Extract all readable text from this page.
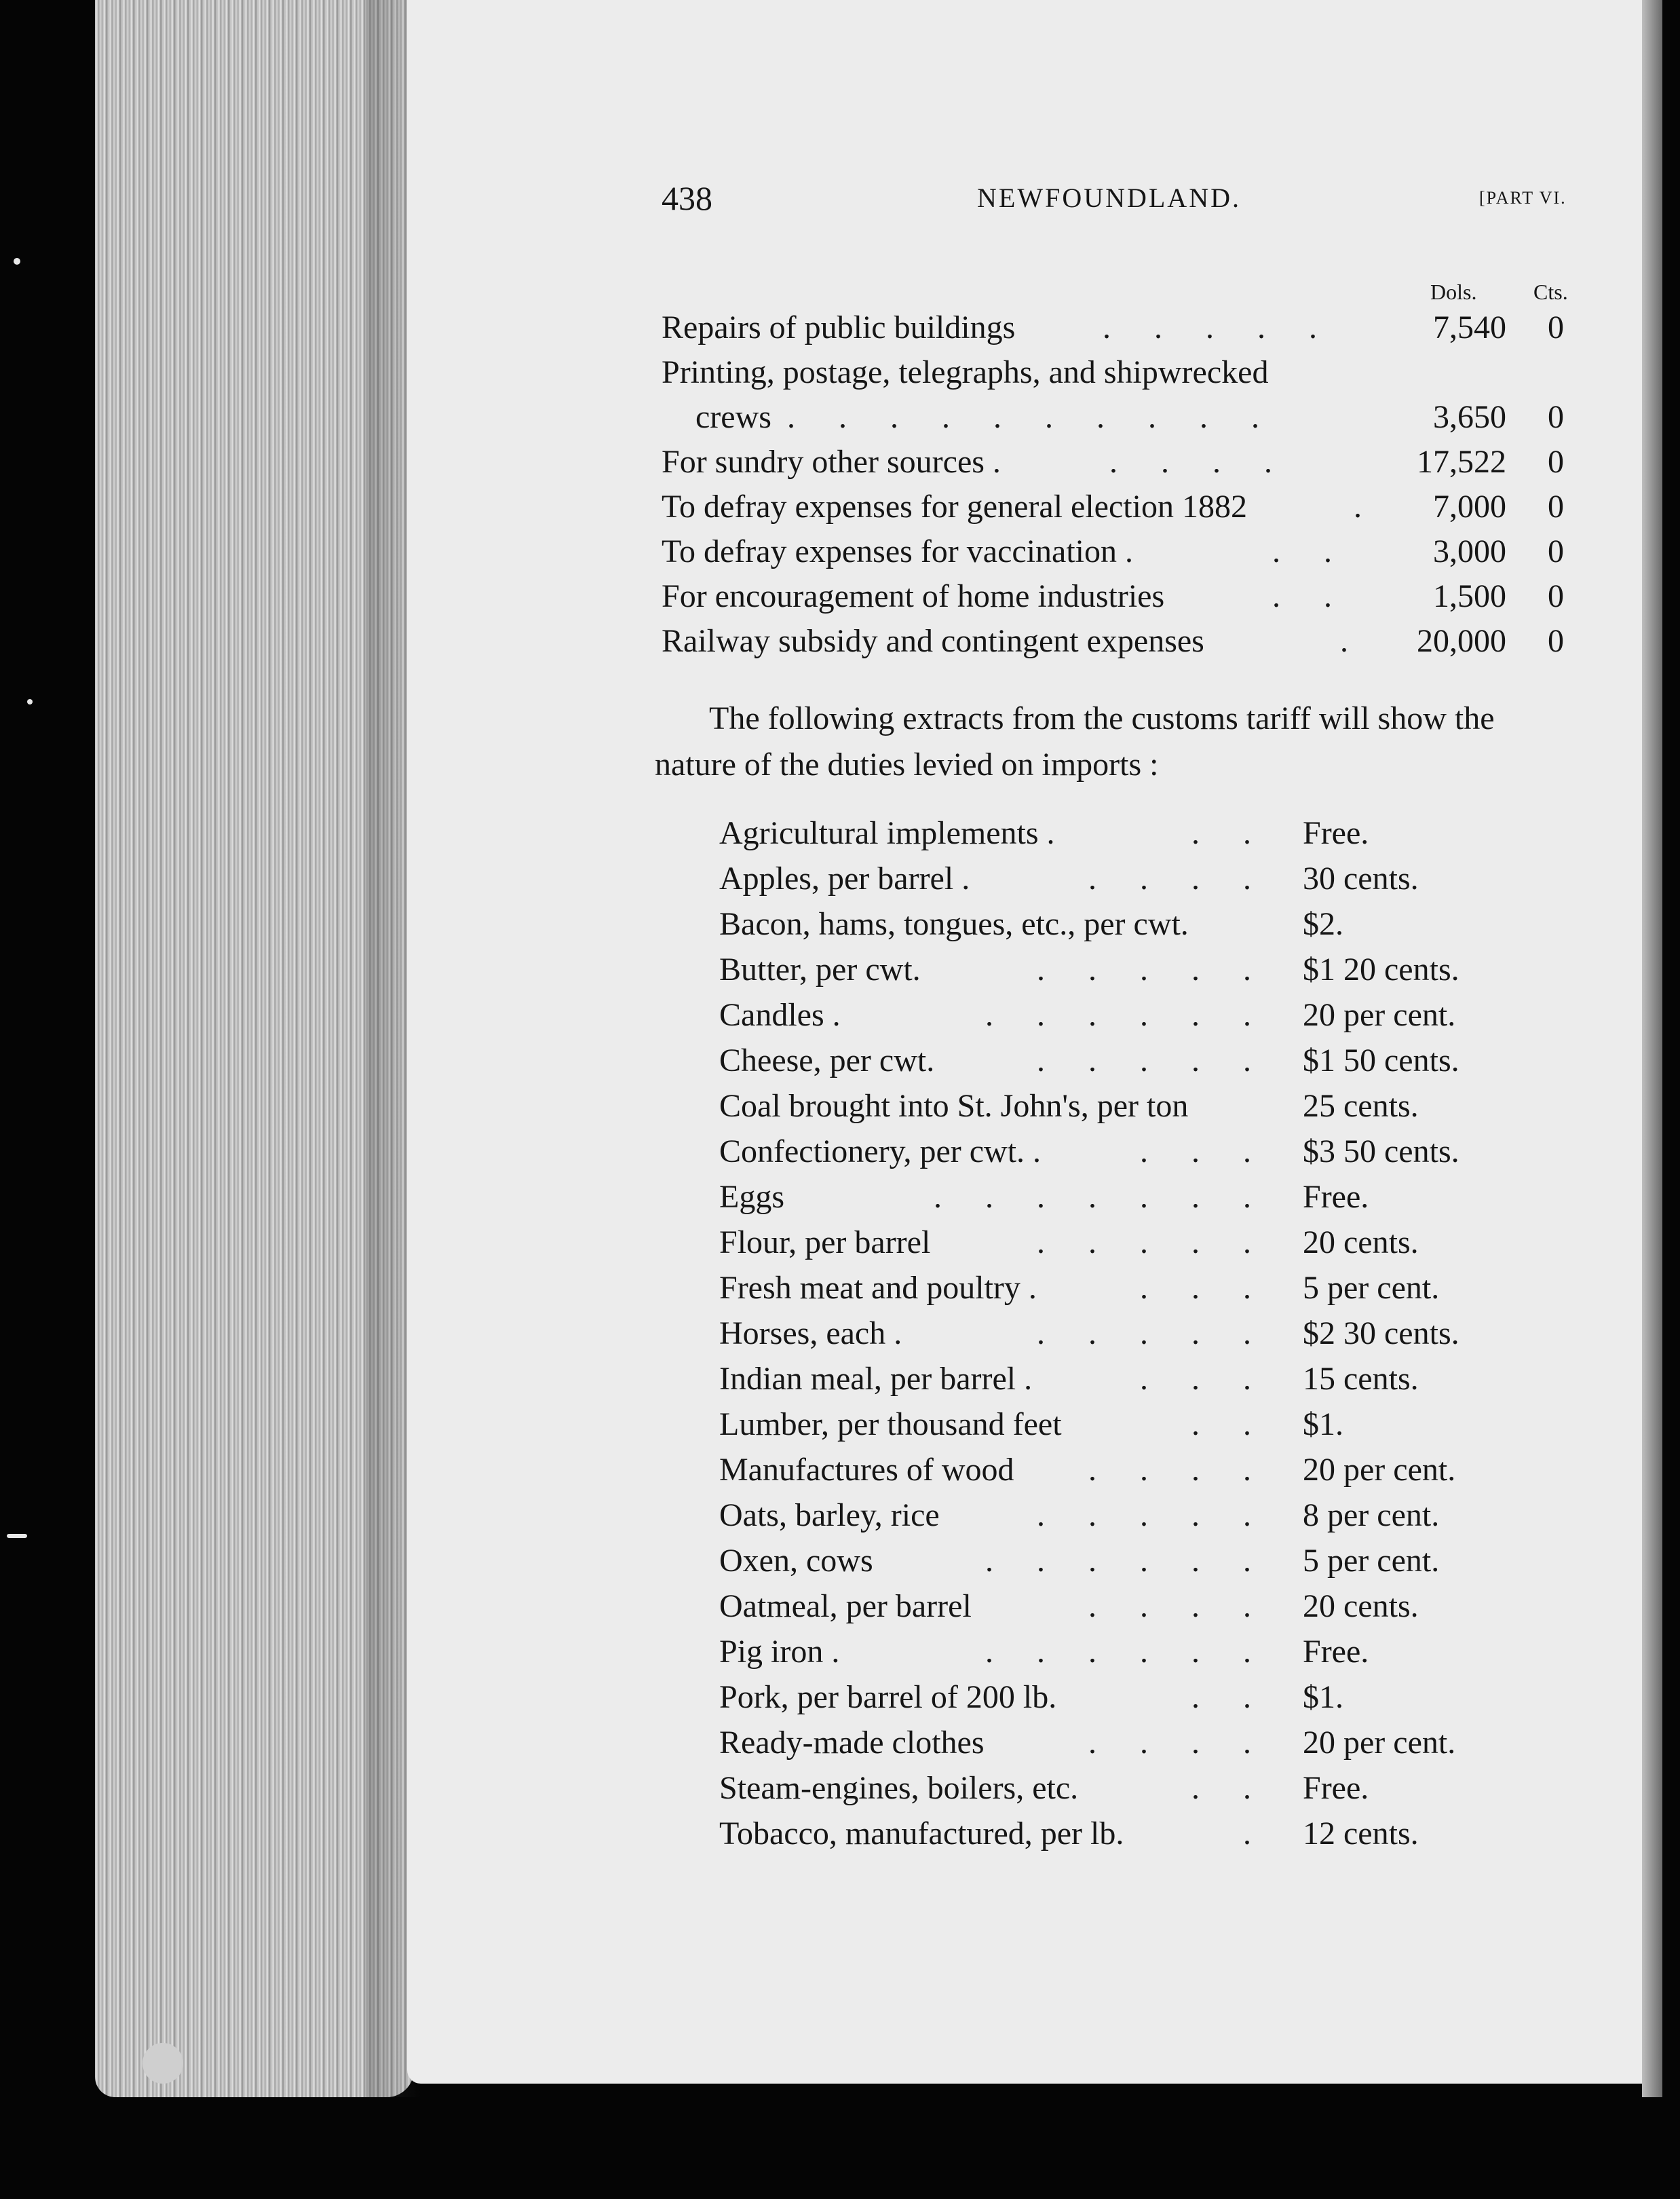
438	NEWFOUNDLAND.	[PART VI.
Dols.	Cts.
Repairs of public buildings	. . . . .	7,540 0
Printing, postage, telegraphs, and shipwrecked
crews . . . . . . . . . .	3,650 0
For sundry other sources .	. . . .	17,522 0
To defray expenses for general election 1882	. 7,000 0
To defray expenses for vaccination .	. .	3,000 0
For encouragement of home industries	. .	1,500 0
Railway subsidy and contingent expenses	. 20,000 0

The following extracts from the customs tariff will show the nature of the duties levied on imports :

Agricultural implements .	. . Free.
Apples, per barrel .	. . . . 30 cents.
Bacon, hams, tongues, etc., per cwt.	$2.
Butter, per cwt.	. . . . . $1 20 cents.
Candles .	. . . . . . 20 per cent.
Cheese, per cwt.	. . . . . $1 50 cents.
Coal brought into St. John's, per ton	25 cents.
Confectionery, per cwt. .	. . . $3 50 cents.
Eggs	. . . . . . . Free.
Flour, per barrel	. . . . . 20 cents.
Fresh meat and poultry .	. . . 5 per cent.
Horses, each .	. . . . . $2 30 cents.
Indian meal, per barrel .	. . . 15 cents.
Lumber, per thousand feet	. . $1.
Manufactures of wood	. . . . 20 per cent.
Oats, barley, rice	. . . . . 8 per cent.
Oxen, cows	. . . . . . 5 per cent.
Oatmeal, per barrel	. . . . 20 cents.
Pig iron .	. . . . . . Free.
Pork, per barrel of 200 lb.	. . $1.
Ready-made clothes	. . . . 20 per cent.
Steam-engines, boilers, etc.	. . Free.
Tobacco, manufactured, per lb.	. 12 cents.
